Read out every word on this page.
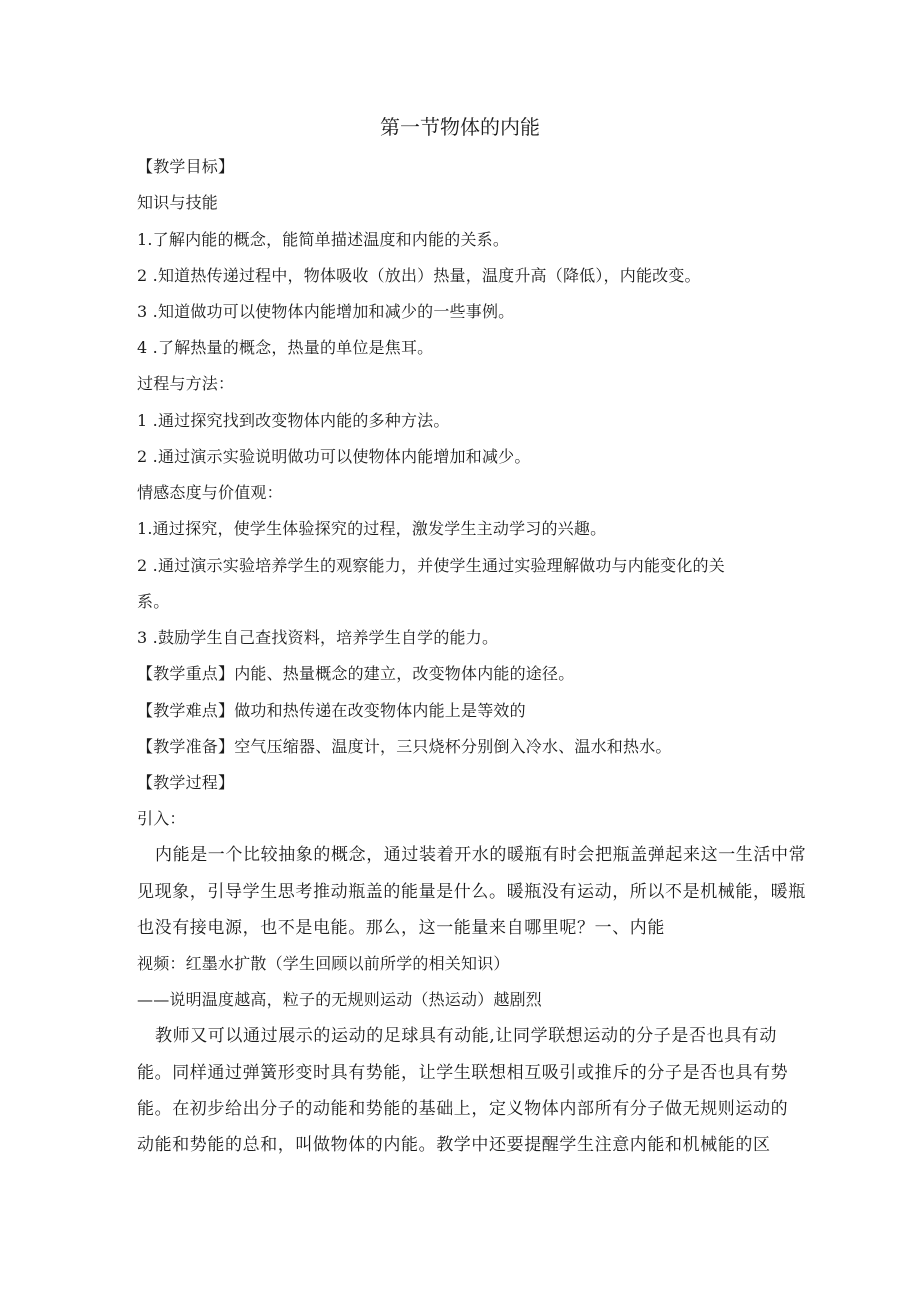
第一节物体的内能
【教学目标】
知识与技能
1.了解内能的概念，能简单描述温度和内能的关系。
2 .知道热传递过程中，物体吸收（放出）热量，温度升高（降低），内能改变。
3 .知道做功可以使物体内能增加和减少的一些事例。
4 .了解热量的概念，热量的单位是焦耳。
过程与方法：
1 .通过探究找到改变物体内能的多种方法。
2 .通过演示实验说明做功可以使物体内能增加和减少。
情感态度与价值观：
1.通过探究，使学生体验探究的过程，激发学生主动学习的兴趣。
2 .通过演示实验培养学生的观察能力，并使学生通过实验理解做功与内能变化的关
系。
3 .鼓励学生自己查找资料，培养学生自学的能力。
【教学重点】内能、热量概念的建立，改变物体内能的途径。
【教学难点】做功和热传递在改变物体内能上是等效的
【教学准备】空气压缩器、温度计，三只烧杯分别倒入冷水、温水和热水。
【教学过程】
引入：
内能是一个比较抽象的概念，通过装着开水的暖瓶有时会把瓶盖弹起来这一生活中常
见现象，引导学生思考推动瓶盖的能量是什么。暖瓶没有运动，所以不是机械能，暖瓶
也没有接电源，也不是电能。那么，这一能量来自哪里呢？一、内能
视频：红墨水扩散（学生回顾以前所学的相关知识）
——说明温度越高，粒子的无规则运动（热运动）越剧烈
教师又可以通过展示的运动的足球具有动能,让同学联想运动的分子是否也具有动
能。同样通过弹簧形变时具有势能，让学生联想相互吸引或推斥的分子是否也具有势
能。在初步给出分子的动能和势能的基础上，定义物体内部所有分子做无规则运动的
动能和势能的总和，叫做物体的内能。教学中还要提醒学生注意内能和机械能的区
